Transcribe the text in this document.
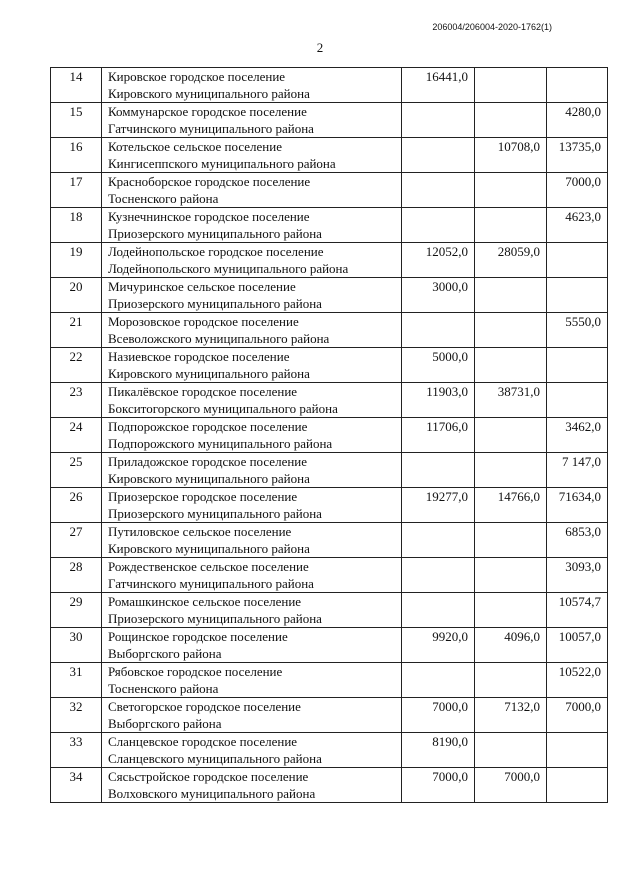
206004/206004-2020-1762(1)
2
14	Кировское городское поселение
Кировского муниципального района	16441,0		
15	Коммунарское городское поселение
Гатчинского муниципального района			4280,0
16	Котельское сельское поселение
Кингисеппского муниципального района		10708,0	13735,0
17	Красноборское городское поселение
Тосненского района			7000,0
18	Кузнечнинское городское поселение
Приозерского муниципального района			4623,0
19	Лодейнопольское городское поселение
Лодейнопольского муниципального района	12052,0	28059,0	
20	Мичуринское сельское поселение
Приозерского муниципального района	3000,0		
21	Морозовское городское поселение
Всеволожского муниципального района			5550,0
22	Назиевское городское поселение
Кировского муниципального района	5000,0		
23	Пикалёвское городское поселение
Бокситогорского муниципального района	11903,0	38731,0	
24	Подпорожское городское поселение
Подпорожского муниципального района	11706,0		3462,0
25	Приладожское городское поселение
Кировского муниципального района			7 147,0
26	Приозерское городское поселение
Приозерского муниципального района	19277,0	14766,0	71634,0
27	Путиловское сельское поселение
Кировского муниципального района			6853,0
28	Рождественское сельское поселение
Гатчинского муниципального района			3093,0
29	Ромашкинское сельское поселение
Приозерского муниципального района			10574,7
30	Рощинское городское поселение
Выборгского района	9920,0	4096,0	10057,0
31	Рябовское городское поселение
Тосненского района			10522,0
32	Светогорское городское поселение
Выборгского района	7000,0	7132,0	7000,0
33	Сланцевское городское поселение
Сланцевского муниципального района	8190,0		
34	Сясьстройское городское поселение
Волховского муниципального района	7000,0	7000,0	
